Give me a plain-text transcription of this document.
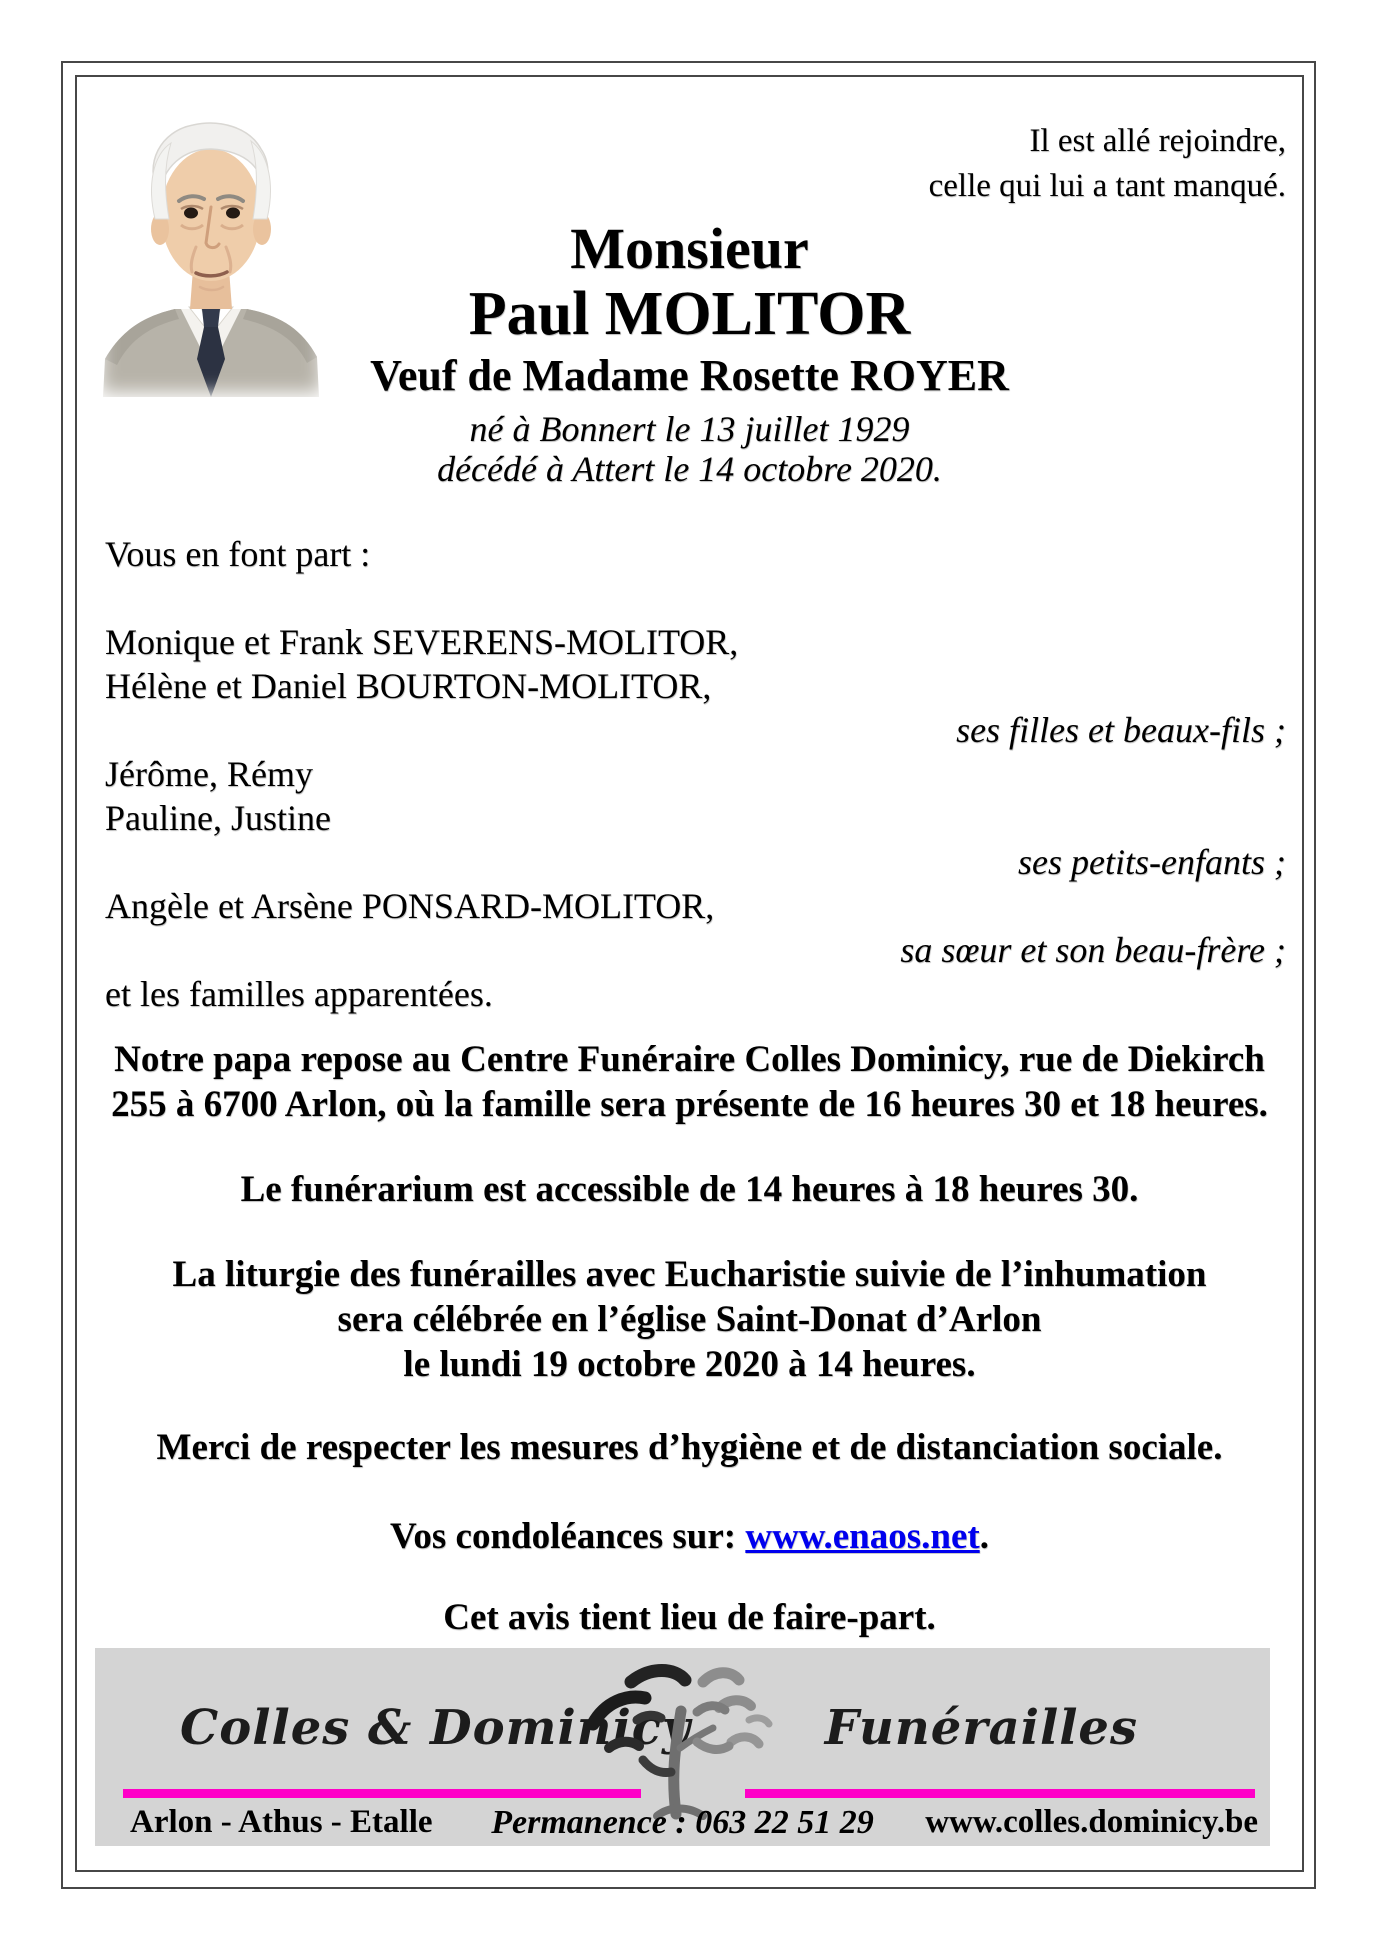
Il est allé rejoindre,
celle qui lui a tant manqué.
Monsieur
Paul MOLITOR
Veuf de Madame Rosette ROYER
né à Bonnert le 13 juillet 1929
décédé à Attert le 14 octobre 2020.
Vous en font part :
Monique et Frank SEVERENS-MOLITOR,
Hélène et Daniel BOURTON-MOLITOR,
ses filles et beaux-fils ;
Jérôme, Rémy
Pauline, Justine
ses petits-enfants ;
Angèle et Arsène PONSARD-MOLITOR,
sa sœur et son beau-frère ;
et les familles apparentées.
Notre papa repose au Centre Funéraire Colles Dominicy, rue de Diekirch
255 à 6700 Arlon, où la famille sera présente de 16 heures 30 et 18 heures.
Le funérarium est accessible de 14 heures à 18 heures 30.
La liturgie des funérailles avec Eucharistie suivie de l’inhumation
sera célébrée en l’église Saint-Donat d’Arlon
le lundi 19 octobre 2020 à 14 heures.
Merci de respecter les mesures d’hygiène et de distanciation sociale.
Vos condoléances sur: www.enaos.net.
Cet avis tient lieu de faire-part.
Colles & Dominicy	Funérailles
Arlon - Athus - Etalle	Permanence : 063 22 51 29	www.colles.dominicy.be
